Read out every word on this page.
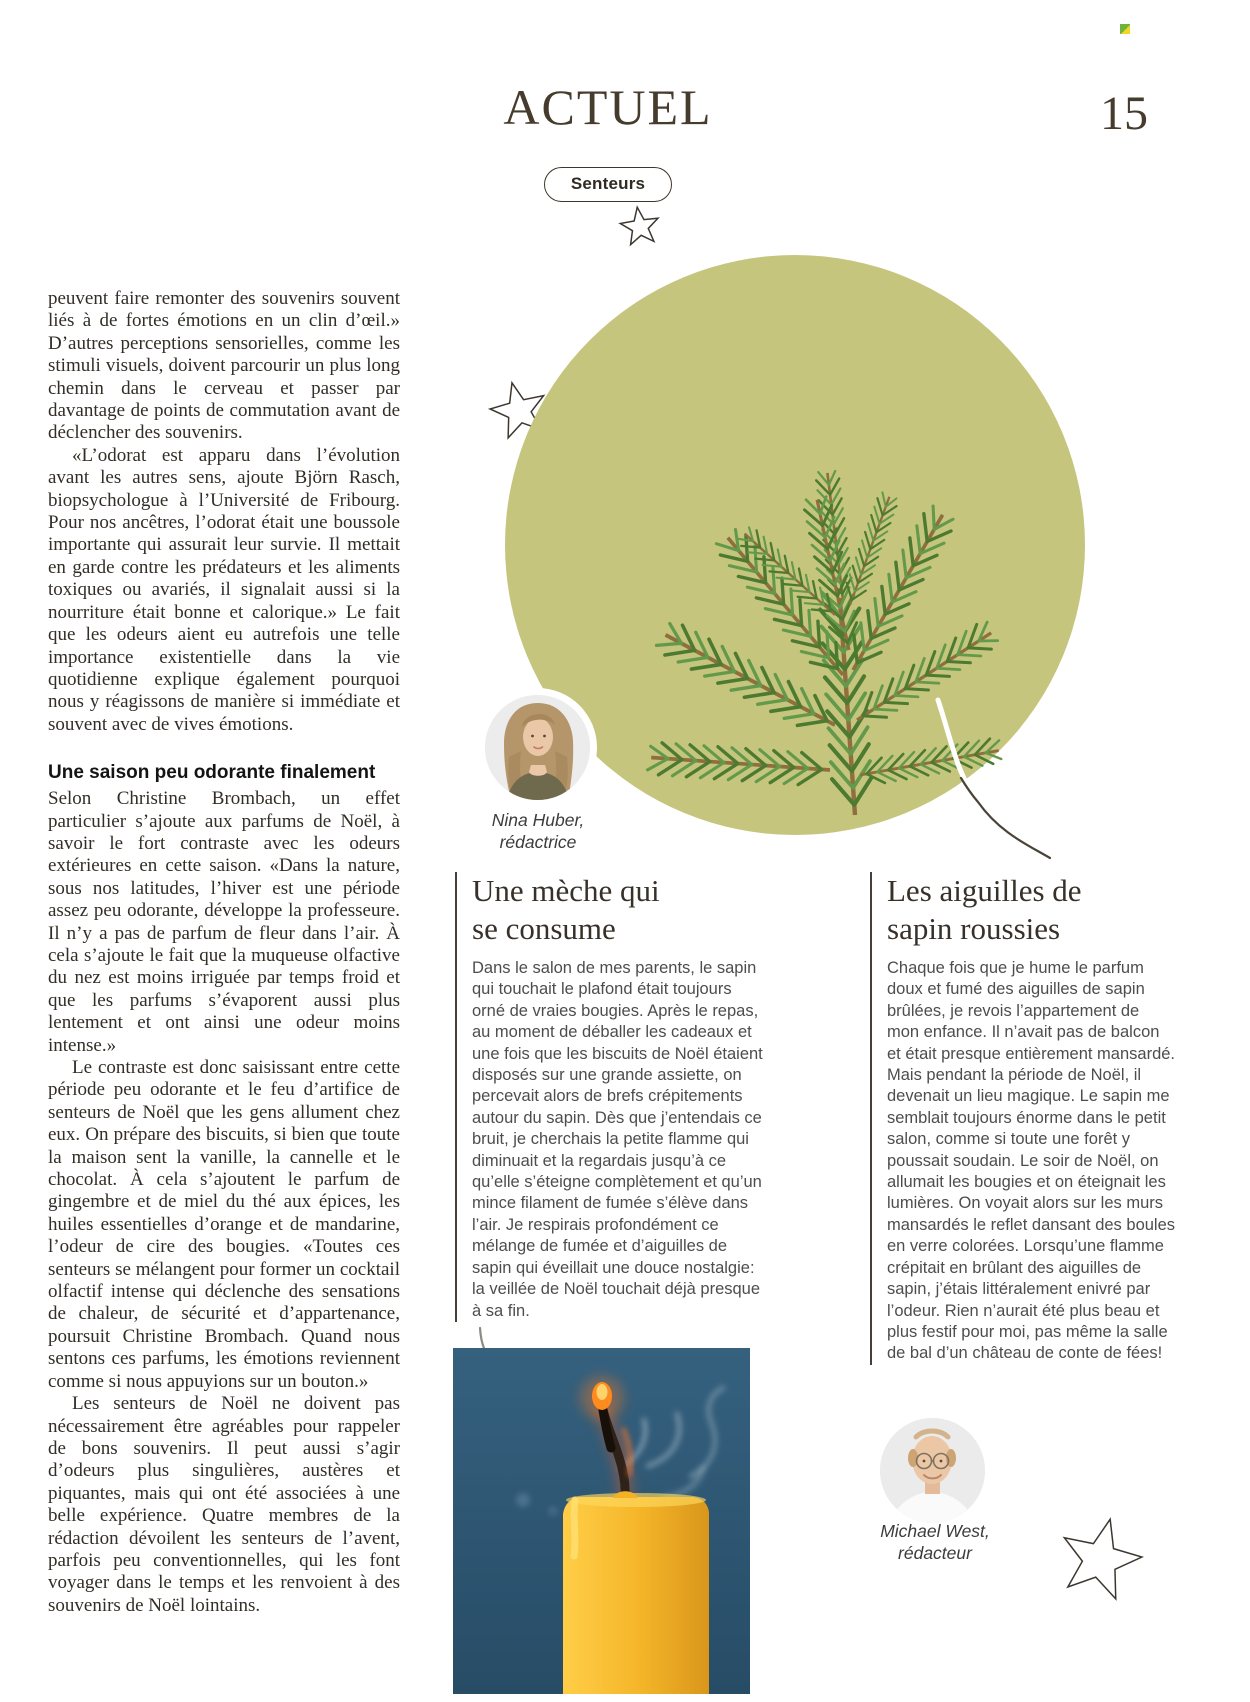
ACTUEL
Senteurs
15

peuvent faire remonter des souvenirs souvent liés à de fortes émotions en un clin d’œil.» D’autres perceptions sensorielles, comme les stimuli visuels, doivent parcourir un plus long chemin dans le cerveau et passer par davantage de points de commutation avant de déclencher des souvenirs.

«L’odorat est apparu dans l’évolution avant les autres sens, ajoute Björn Rasch, biopsychologue à l’Université de Fribourg. Pour nos ancêtres, l’odorat était une boussole importante qui assurait leur survie. Il mettait en garde contre les prédateurs et les aliments toxiques ou avariés, il signalait aussi si la nourriture était bonne et calorique.» Le fait que les odeurs aient eu autrefois une telle importance existentielle dans la vie quotidienne explique également pourquoi nous y réagissons de manière si immédiate et souvent avec de vives émotions.

Une saison peu odorante finalement

Selon Christine Brombach, un effet particulier s’ajoute aux parfums de Noël, à savoir le fort contraste avec les odeurs extérieures en cette saison. «Dans la nature, sous nos latitudes, l’hiver est une période assez peu odorante, développe la professeure. Il n’y a pas de parfum de fleur dans l’air. À cela s’ajoute le fait que la muqueuse olfactive du nez est moins irriguée par temps froid et que les parfums s’évaporent aussi plus lentement et ont ainsi une odeur moins intense.»

Le contraste est donc saisissant entre cette période peu odorante et le feu d’artifice de senteurs de Noël que les gens allument chez eux. On prépare des biscuits, si bien que toute la maison sent la vanille, la cannelle et le chocolat. À cela s’ajoutent le parfum de gingembre et de miel du thé aux épices, les huiles essentielles d’orange et de mandarine, l’odeur de cire des bougies. «Toutes ces senteurs se mélangent pour former un cocktail olfactif intense qui déclenche des sensations de chaleur, de sécurité et d’appartenance, poursuit Christine Brombach. Quand nous sentons ces parfums, les émotions reviennent comme si nous appuyions sur un bouton.»

Les senteurs de Noël ne doivent pas nécessairement être agréables pour rappeler de bons souvenirs. Il peut aussi s’agir d’odeurs plus singulières, austères et piquantes, mais qui ont été associées à une belle expérience. Quatre membres de la rédaction dévoilent les senteurs de l’avent, parfois peu conventionnelles, qui les font voyager dans le temps et les renvoient à des souvenirs de Noël lointains.

Nina Huber,
rédactrice
Une mèche qui
se consume

Dans le salon de mes parents, le sapin qui touchait le plafond était toujours orné de vraies bougies. Après le repas, au moment de déballer les cadeaux et une fois que les biscuits de Noël étaient disposés sur une grande assiette, on percevait alors de brefs crépitements autour du sapin. Dès que j’entendais ce bruit, je cherchais la petite flamme qui diminuait et la regardais jusqu’à ce qu’elle s’éteigne complètement et qu’un mince filament de fumée s’élève dans l’air. Je respirais profondément ce mélange de fumée et d’aiguilles de sapin qui éveillait une douce nostalgie: la veillée de Noël touchait déjà presque à sa fin.

Les aiguilles de
sapin roussies

Chaque fois que je hume le parfum doux et fumé des aiguilles de sapin brûlées, je revois l’appartement de mon enfance. Il n’avait pas de balcon et était presque entièrement mansardé. Mais pendant la période de Noël, il devenait un lieu magique. Le sapin me semblait toujours énorme dans le petit salon, comme si toute une forêt y poussait soudain. Le soir de Noël, on allumait les bougies et on éteignait les lumières. On voyait alors sur les murs mansardés le reflet dansant des boules en verre colorées. Lorsqu’une flamme crépitait en brûlant des aiguilles de sapin, j’étais littéralement enivré par l’odeur. Rien n’aurait été plus beau et plus festif pour moi, pas même la salle de bal d’un château de conte de fées!

Michael West,
rédacteur
